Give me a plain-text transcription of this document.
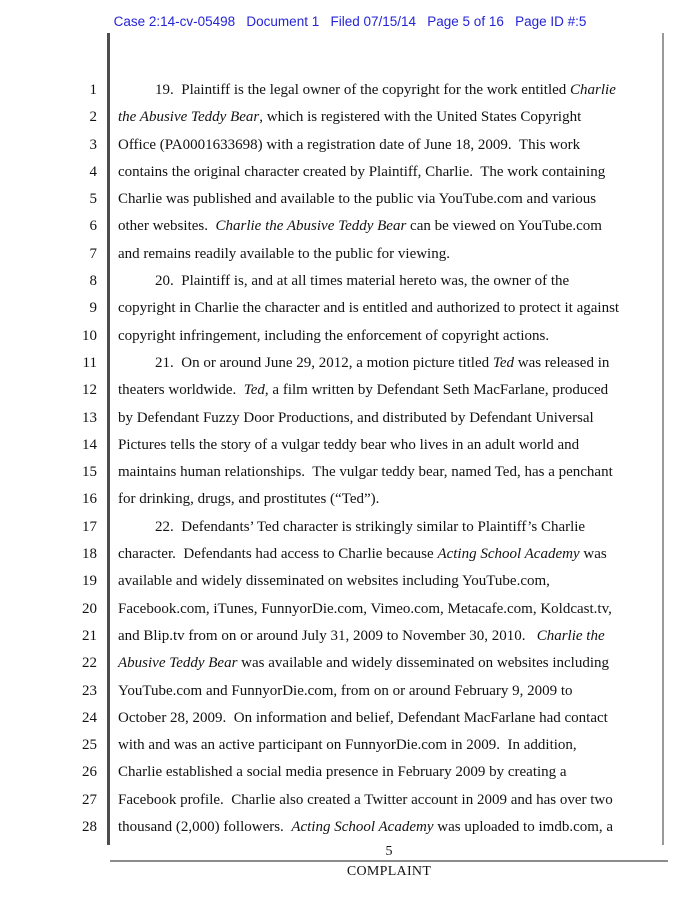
Case 2:14-cv-05498   Document 1   Filed 07/15/14   Page 5 of 16   Page ID #:5
1	19.  Plaintiff is the legal owner of the copyright for the work entitled Charlie
2 the Abusive Teddy Bear, which is registered with the United States Copyright
3 Office (PA0001633698) with a registration date of June 18, 2009.  This work
4 contains the original character created by Plaintiff, Charlie.  The work containing
5 Charlie was published and available to the public via YouTube.com and various
6 other websites.  Charlie the Abusive Teddy Bear can be viewed on YouTube.com
7 and remains readily available to the public for viewing.
8	20.  Plaintiff is, and at all times material hereto was, the owner of the
9 copyright in Charlie the character and is entitled and authorized to protect it against
10 copyright infringement, including the enforcement of copyright actions.
11	21.  On or around June 29, 2012, a motion picture titled Ted was released in
12 theaters worldwide.  Ted, a film written by Defendant Seth MacFarlane, produced
13 by Defendant Fuzzy Door Productions, and distributed by Defendant Universal
14 Pictures tells the story of a vulgar teddy bear who lives in an adult world and
15 maintains human relationships.  The vulgar teddy bear, named Ted, has a penchant
16 for drinking, drugs, and prostitutes (“Ted”).
17	22.  Defendants’ Ted character is strikingly similar to Plaintiff’s Charlie
18 character.  Defendants had access to Charlie because Acting School Academy was
19 available and widely disseminated on websites including YouTube.com,
20 Facebook.com, iTunes, FunnyorDie.com, Vimeo.com, Metacafe.com, Koldcast.tv,
21 and Blip.tv from on or around July 31, 2009 to November 30, 2010.   Charlie the
22 Abusive Teddy Bear was available and widely disseminated on websites including
23 YouTube.com and FunnyorDie.com, from on or around February 9, 2009 to
24 October 28, 2009.  On information and belief, Defendant MacFarlane had contact
25 with and was an active participant on FunnyorDie.com in 2009.  In addition,
26 Charlie established a social media presence in February 2009 by creating a
27 Facebook profile.  Charlie also created a Twitter account in 2009 and has over two
28 thousand (2,000) followers.  Acting School Academy was uploaded to imdb.com, a
5
COMPLAINT
